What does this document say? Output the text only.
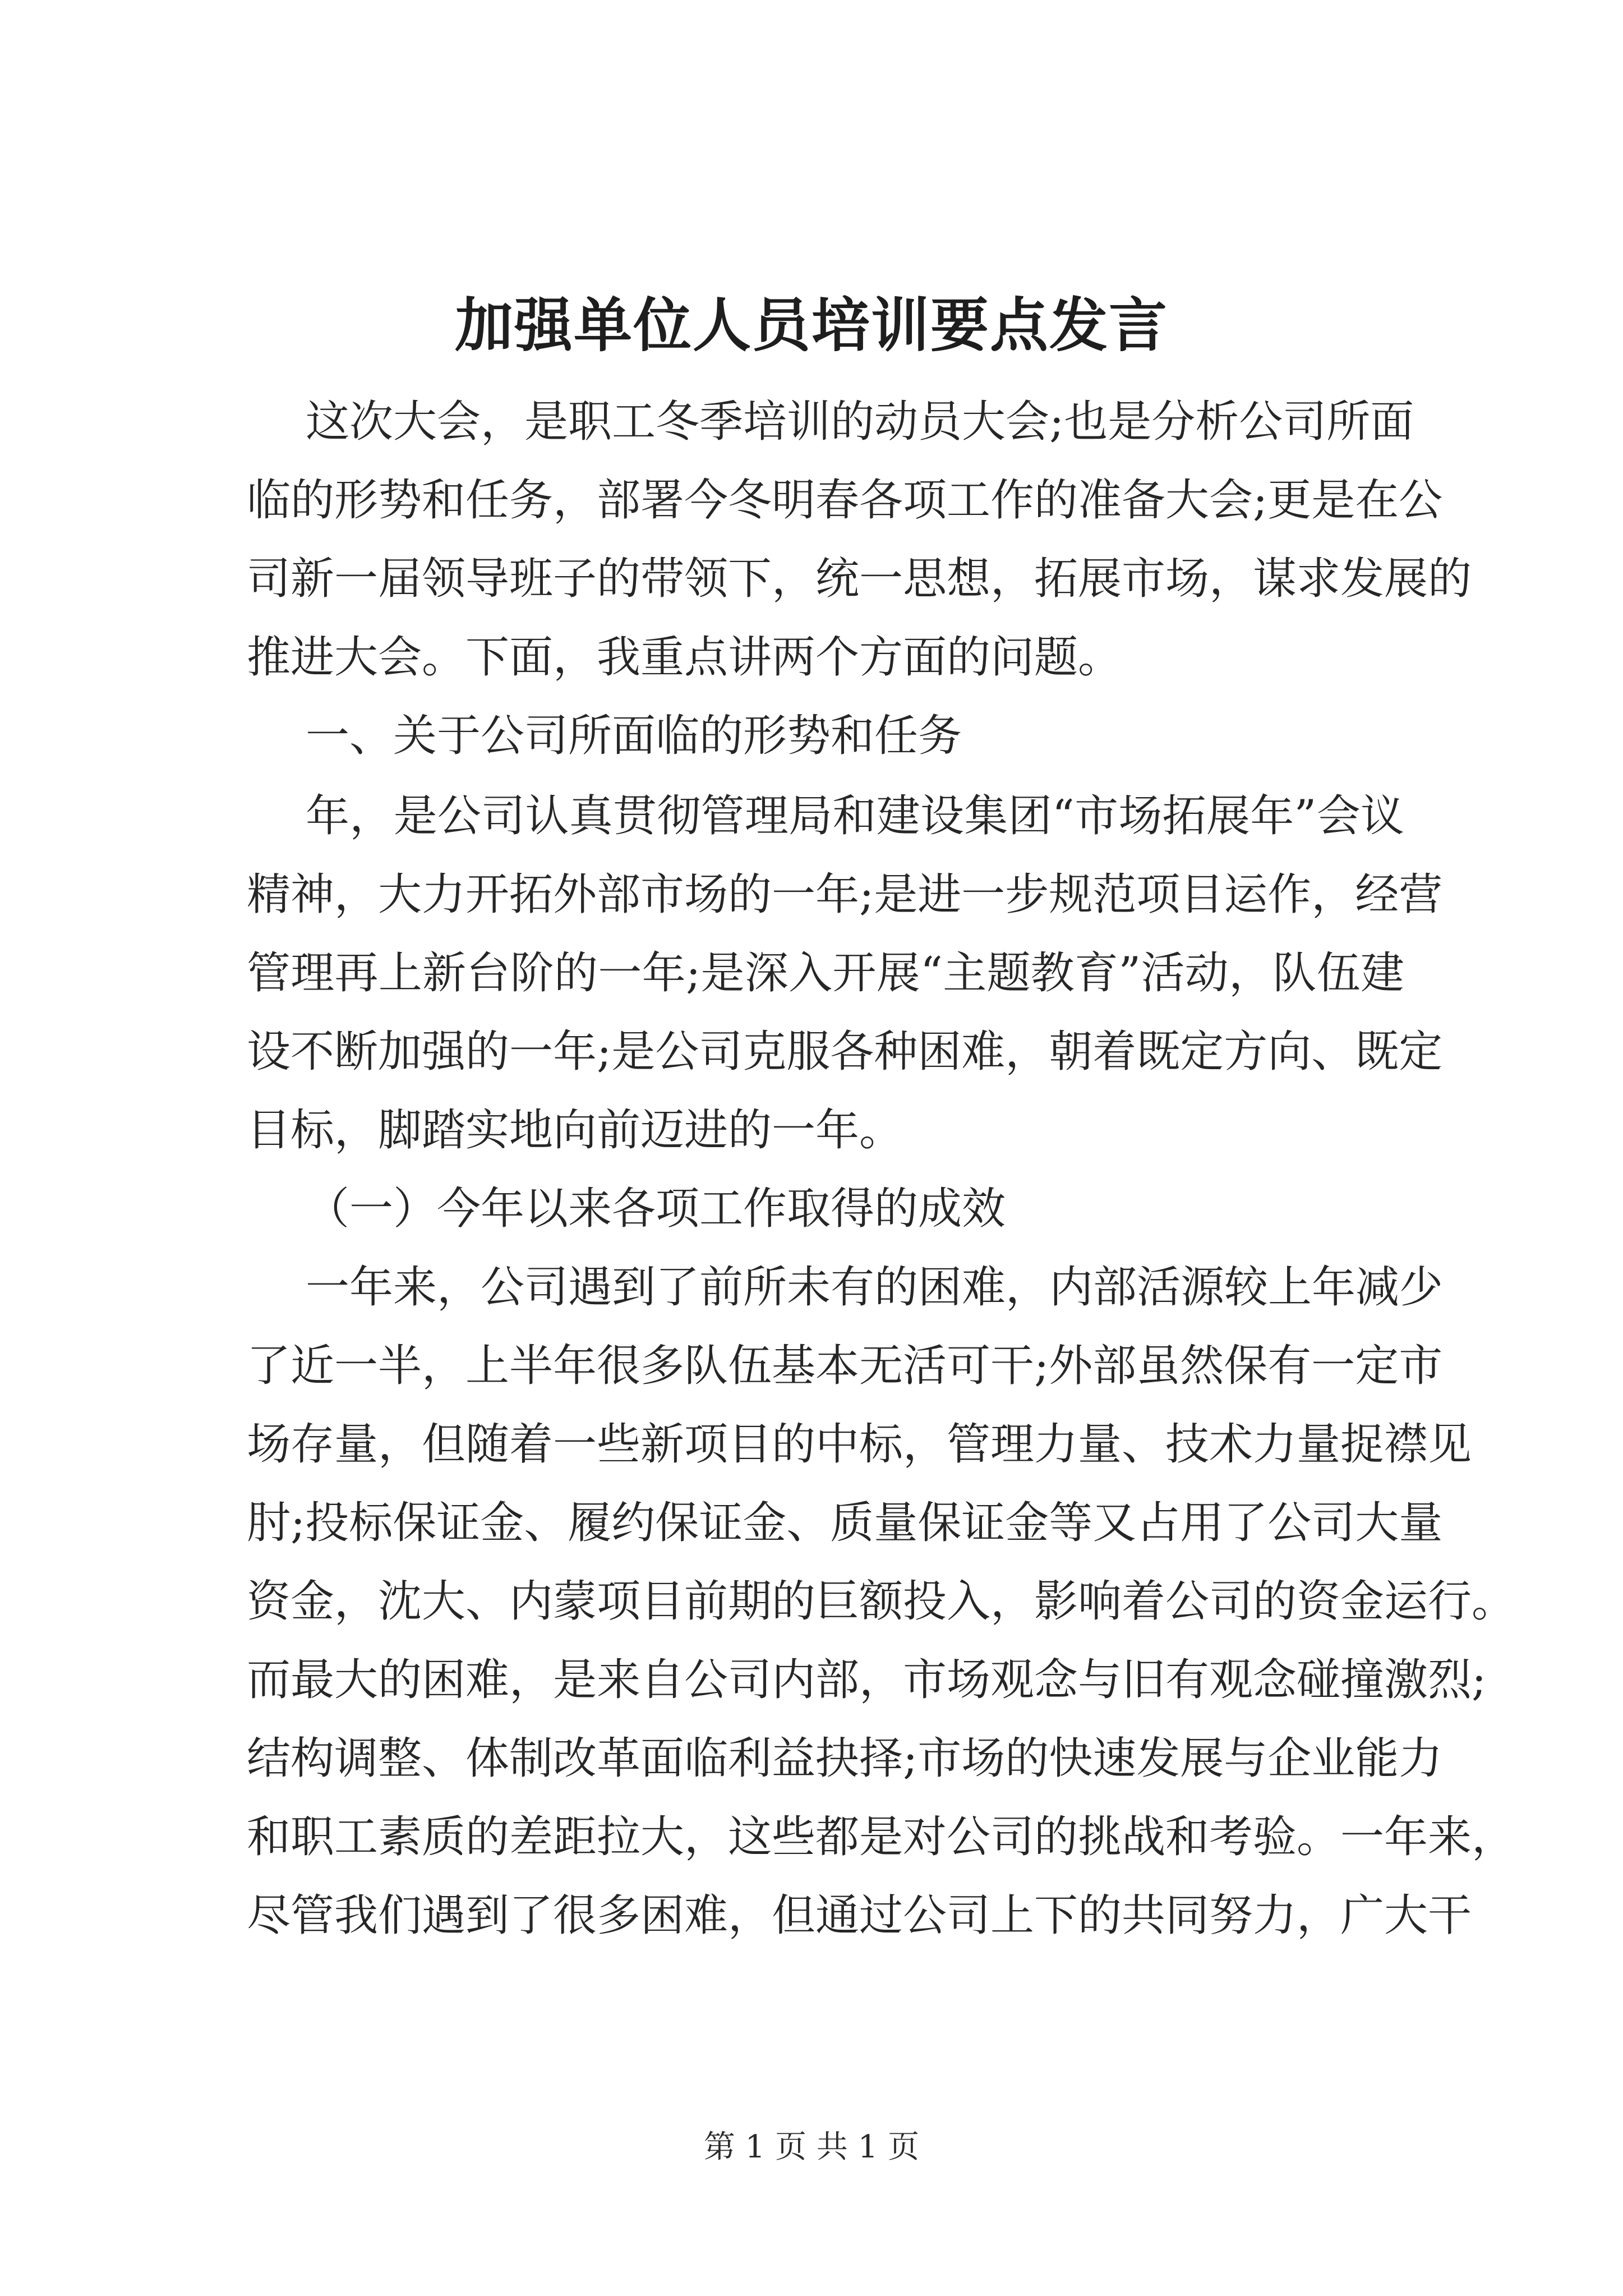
加强单位人员培训要点发言
这次大会，是职工冬季培训的动员大会;也是分析公司所面
临的形势和任务，部署今冬明春各项工作的准备大会;更是在公
司新一届领导班子的带领下，统一思想，拓展市场，谋求发展的
推进大会。下面，我重点讲两个方面的问题。
一、关于公司所面临的形势和任务
年，是公司认真贯彻管理局和建设集团“市场拓展年”会议
精神，大力开拓外部市场的一年;是进一步规范项目运作，经营
管理再上新台阶的一年;是深入开展“主题教育”活动，队伍建
设不断加强的一年;是公司克服各种困难，朝着既定方向、既定
目标，脚踏实地向前迈进的一年。
（一）今年以来各项工作取得的成效
一年来，公司遇到了前所未有的困难，内部活源较上年减少
了近一半，上半年很多队伍基本无活可干;外部虽然保有一定市
场存量，但随着一些新项目的中标，管理力量、技术力量捉襟见
肘;投标保证金、履约保证金、质量保证金等又占用了公司大量
资金，沈大、内蒙项目前期的巨额投入，影响着公司的资金运行。
而最大的困难，是来自公司内部，市场观念与旧有观念碰撞激烈;
结构调整、体制改革面临利益抉择;市场的快速发展与企业能力
和职工素质的差距拉大，这些都是对公司的挑战和考验。一年来，
尽管我们遇到了很多困难，但通过公司上下的共同努力，广大干
第 1 页 共 1 页
